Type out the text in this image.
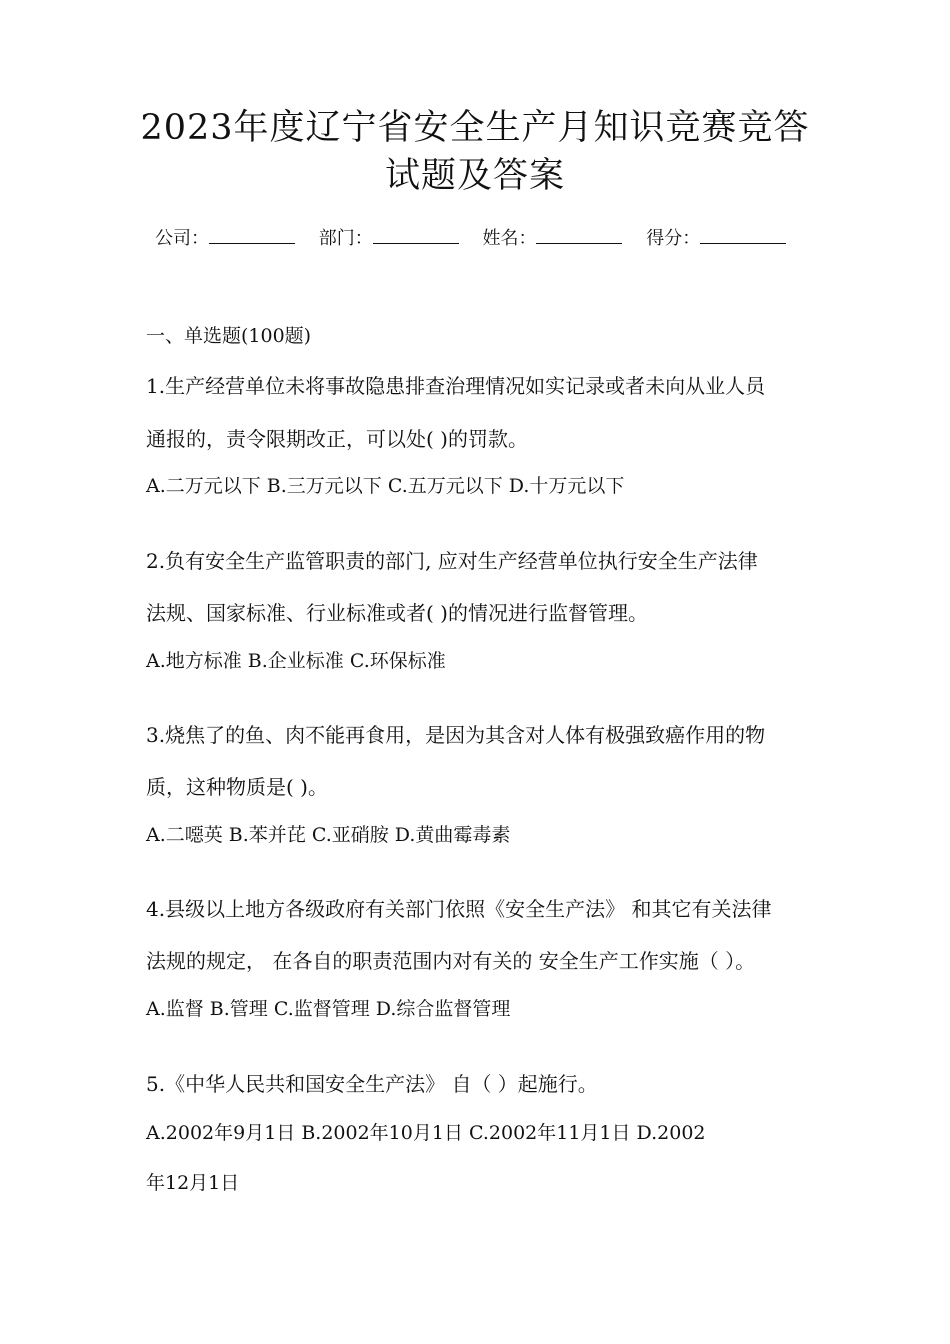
2023年度辽宁省安全生产月知识竞赛竞答
试题及答案
公司：	部门：	姓名：	得分：
一、单选题(100题)
1.生产经营单位未将事故隐患排查治理情况如实记录或者未向从业人员
通报的，责令限期改正，可以处( )的罚款。
A.二万元以下 B.三万元以下 C.五万元以下 D.十万元以下
2.负有安全生产监管职责的部门, 应对生产经营单位执行安全生产法律
法规、国家标准、行业标准或者( )的情况进行监督管理。
A.地方标准 B.企业标准 C.环保标准
3.烧焦了的鱼、肉不能再食用，是因为其含对人体有极强致癌作用的物
质，这种物质是( )。
A.二噁英 B.苯并芘 C.亚硝胺 D.黄曲霉毒素
4.县级以上地方各级政府有关部门依照《安全生产法》 和其它有关法律
法规的规定， 在各自的职责范围内对有关的 安全生产工作实施（ ）。
A.监督 B.管理 C.监督管理 D.综合监督管理
5.《中华人民共和国安全生产法》 自（ ）起施行。
A.2002年9月1日 B.2002年10月1日 C.2002年11月1日 D.2002
年12月1日
